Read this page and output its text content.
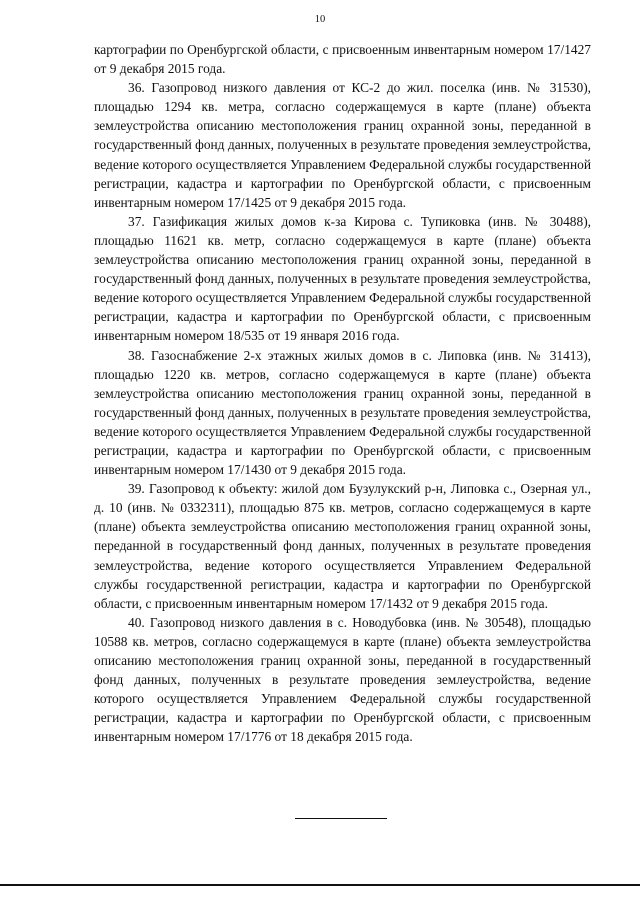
10

картографии по Оренбургской области, с присвоенным инвентарным номером 17/1427 от 9 декабря 2015 года.

36. Газопровод низкого давления от КС-2 до жил. поселка (инв. № 31530), площадью 1294 кв. метра, согласно содержащемуся в карте (плане) объекта землеустройства описанию местоположения границ охранной зоны, переданной в государственный фонд данных, полученных в результате проведения землеустройства, ведение которого осуществляется Управлением Федеральной службы государственной регистрации, кадастра и картографии по Оренбургской области, с присвоенным инвентарным номером 17/1425 от 9 декабря 2015 года.

37. Газификация жилых домов к-за Кирова с. Тупиковка (инв. № 30488), площадью 11621 кв. метр, согласно содержащемуся в карте (плане) объекта землеустройства описанию местоположения границ охранной зоны, переданной в государственный фонд данных, полученных в результате проведения землеустройства, ведение которого осуществляется Управлением Федеральной службы государственной регистрации, кадастра и картографии по Оренбургской области, с присвоенным инвентарным номером 18/535 от 19 января 2016 года.

38. Газоснабжение 2-х этажных жилых домов в с. Липовка (инв. № 31413), площадью 1220 кв. метров, согласно содержащемуся в карте (плане) объекта землеустройства описанию местоположения границ охранной зоны, переданной в государственный фонд данных, полученных в результате проведения землеустройства, ведение которого осуществляется Управлением Федеральной службы государственной регистрации, кадастра и картографии по Оренбургской области, с присвоенным инвентарным номером 17/1430 от 9 декабря 2015 года.

39. Газопровод к объекту: жилой дом Бузулукский р-н, Липовка с., Озерная ул., д. 10 (инв. № 0332311), площадью 875 кв. метров, согласно содержащемуся в карте (плане) объекта землеустройства описанию местоположения границ охранной зоны, переданной в государственный фонд данных, полученных в результате проведения землеустройства, ведение которого осуществляется Управлением Федеральной службы государственной регистрации, кадастра и картографии по Оренбургской области, с присвоенным инвентарным номером 17/1432 от 9 декабря 2015 года.

40. Газопровод низкого давления в с. Новодубовка (инв. № 30548), площадью 10588 кв. метров, согласно содержащемуся в карте (плане) объекта землеустройства описанию местоположения границ охранной зоны, переданной в государственный фонд данных, полученных в результате проведения землеустройства, ведение которого осуществляется Управлением Федеральной службы государственной регистрации, кадастра и картографии по Оренбургской области, с присвоенным инвентарным номером 17/1776 от 18 декабря 2015 года.
